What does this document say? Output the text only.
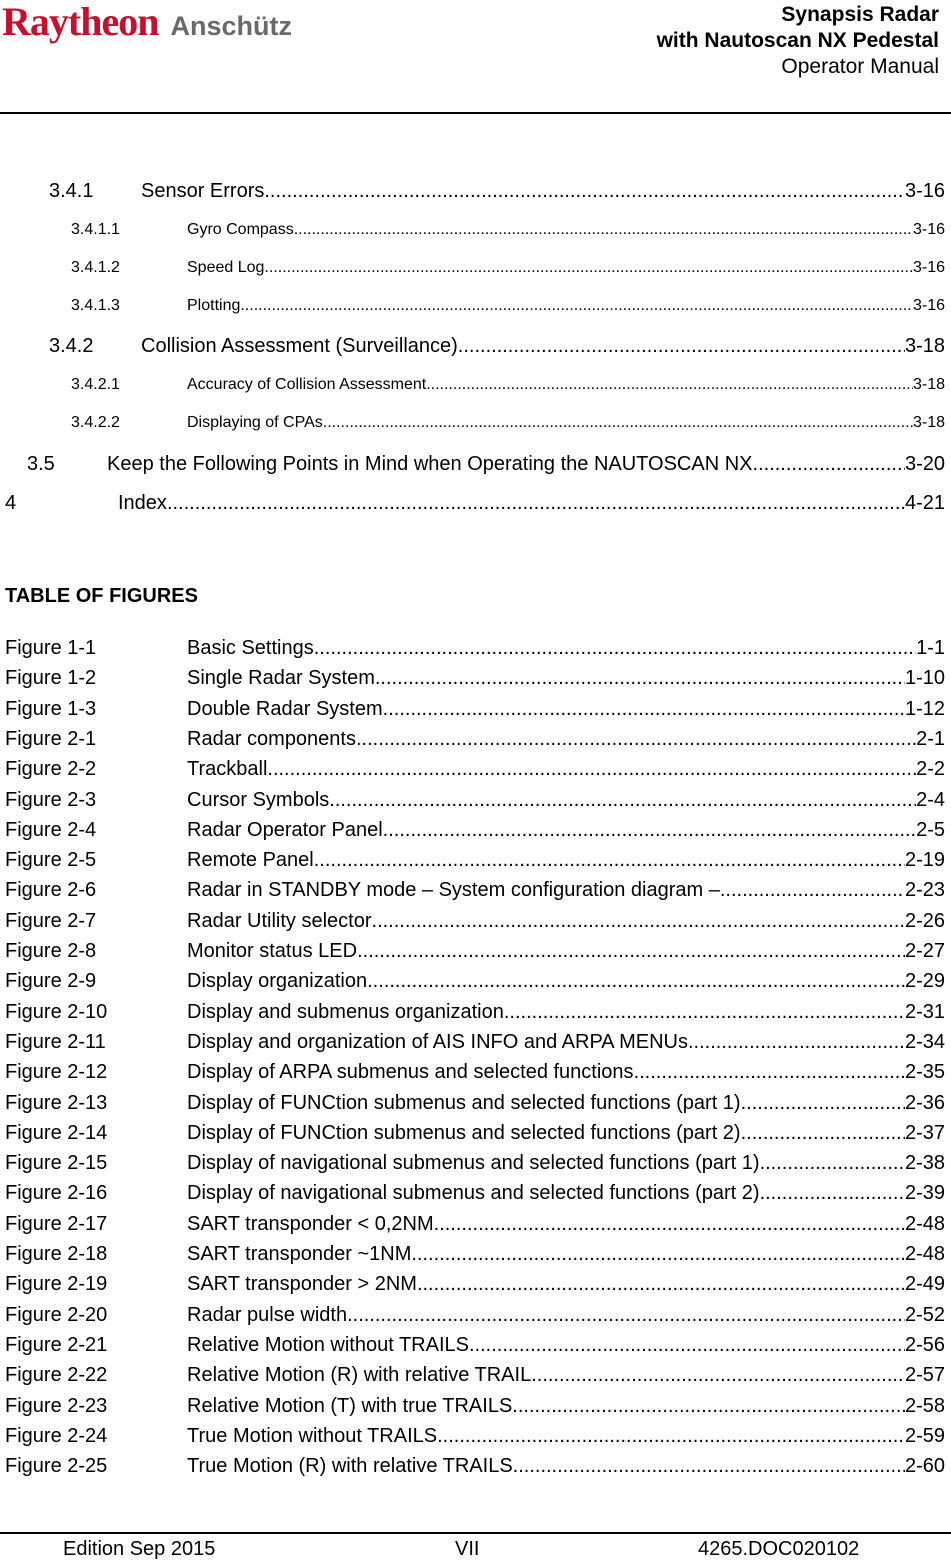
Raytheon Anschütz	Synapsis Radar
with Nautoscan NX Pedestal
Operator Manual
3.4.1	Sensor Errors .....	3-16
3.4.1.1	Gyro Compass .....	3-16
3.4.1.2	Speed Log .....	3-16
3.4.1.3	Plotting .....	3-16
3.4.2	Collision Assessment (Surveillance) .....	3-18
3.4.2.1	Accuracy of Collision Assessment .....	3-18
3.4.2.2	Displaying of CPAs .....	3-18
3.5	Keep the Following Points in Mind when Operating the NAUTOSCAN NX .....	3-20
4	Index .....	4-21
TABLE OF FIGURES
Figure 1-1	Basic Settings .....	1-1
Figure 1-2	Single Radar System .....	1-10
Figure 1-3	Double Radar System .....	1-12
Figure 2-1	Radar components .....	2-1
Figure 2-2	Trackball .....	2-2
Figure 2-3	Cursor Symbols .....	2-4
Figure 2-4	Radar Operator Panel .....	2-5
Figure 2-5	Remote Panel .....	2-19
Figure 2-6	Radar in STANDBY mode – System configuration diagram – .....	2-23
Figure 2-7	Radar Utility selector .....	2-26
Figure 2-8	Monitor status LED .....	2-27
Figure 2-9	Display organization .....	2-29
Figure 2-10	Display and submenus organization .....	2-31
Figure 2-11	Display and organization of AIS INFO and ARPA MENUs .....	2-34
Figure 2-12	Display of ARPA submenus and selected functions .....	2-35
Figure 2-13	Display of FUNCtion submenus and selected functions (part 1) .....	2-36
Figure 2-14	Display of FUNCtion submenus and selected functions (part 2) .....	2-37
Figure 2-15	Display of navigational submenus and selected functions (part 1) .....	2-38
Figure 2-16	Display of navigational submenus and selected functions (part 2) .....	2-39
Figure 2-17	SART transponder < 0,2NM .....	2-48
Figure 2-18	SART transponder ~1NM .....	2-48
Figure 2-19	SART transponder > 2NM .....	2-49
Figure 2-20	Radar pulse width .....	2-52
Figure 2-21	Relative Motion without TRAILS .....	2-56
Figure 2-22	Relative Motion (R) with relative TRAIL .....	2-57
Figure 2-23	Relative Motion (T) with true TRAILS .....	2-58
Figure 2-24	True Motion without TRAILS .....	2-59
Figure 2-25	True Motion (R) with relative TRAILS .....	2-60
Edition Sep 2015	VII	4265.DOC020102
